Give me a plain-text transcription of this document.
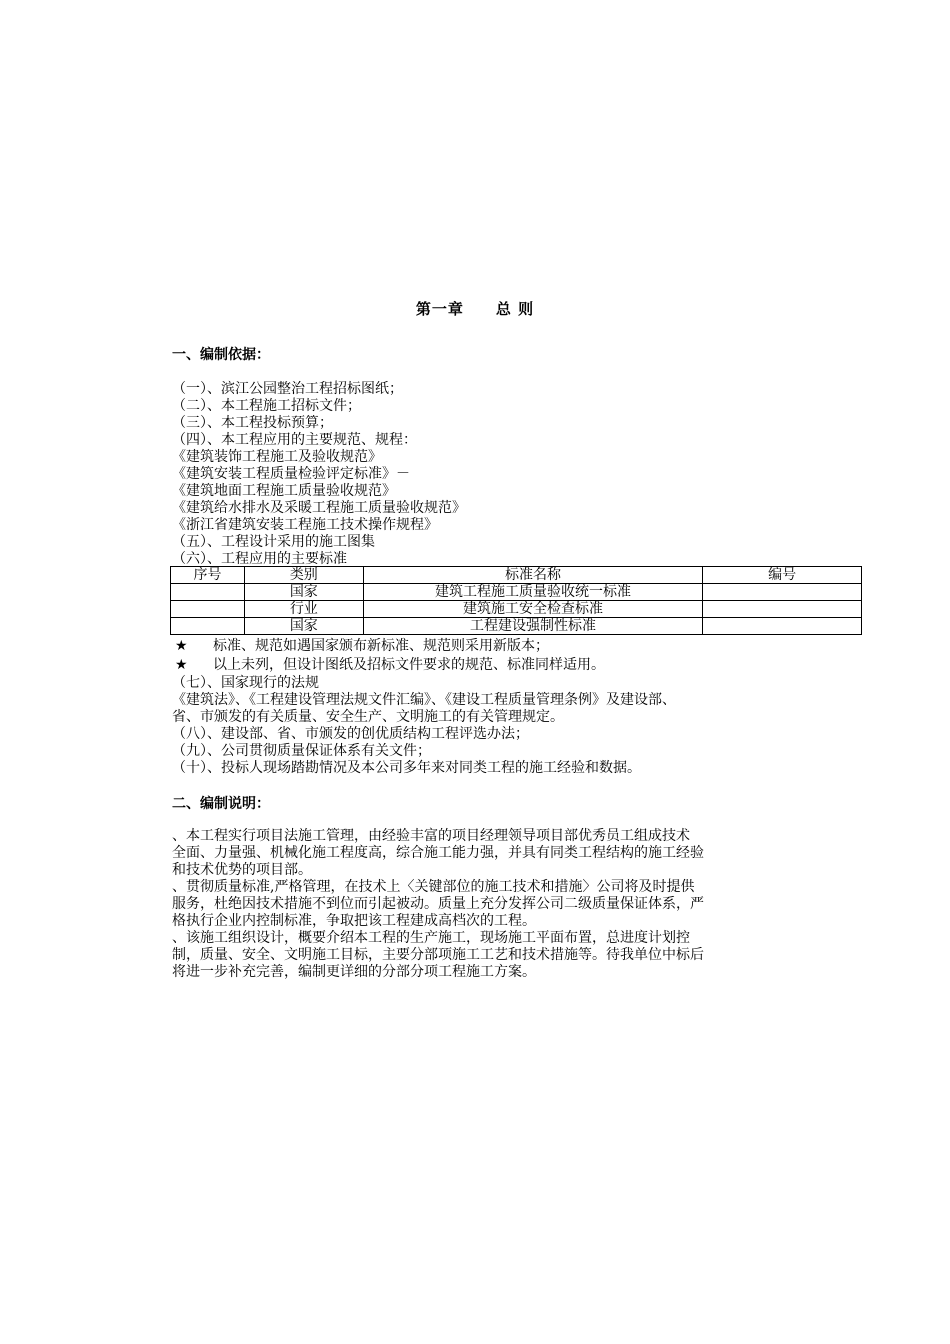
第一章　　总 则
一、编制依据：
（一）、滨江公园整治工程招标图纸；
（二）、本工程施工招标文件；
（三）、本工程投标预算；
（四）、本工程应用的主要规范、规程：
《建筑装饰工程施工及验收规范》
《建筑安装工程质量检验评定标准》－
《建筑地面工程施工质量验收规范》
《建筑给水排水及采暖工程施工质量验收规范》
《浙江省建筑安装工程施工技术操作规程》
（五）、工程设计采用的施工图集
（六）、工程应用的主要标准
序号	类别	标准名称	编号
	国家	建筑工程施工质量验收统一标准	
	行业	建筑施工安全检查标准	
	国家	工程建设强制性标准	
★ 标准、规范如遇国家颁布新标准、规范则采用新版本；
★ 以上未列，但设计图纸及招标文件要求的规范、标准同样适用。
（七）、国家现行的法规
《建筑法》、《工程建设管理法规文件汇编》、《建设工程质量管理条例》及建设部、
省、市颁发的有关质量、安全生产、文明施工的有关管理规定。
（八）、建设部、省、市颁发的创优质结构工程评选办法；
（九）、公司贯彻质量保证体系有关文件；
（十）、投标人现场踏勘情况及本公司多年来对同类工程的施工经验和数据。
二、编制说明：
、本工程实行项目法施工管理，由经验丰富的项目经理领导项目部优秀员工组成技术
全面、力量强、机械化施工程度高，综合施工能力强，并具有同类工程结构的施工经验
和技术优势的项目部。
、贯彻质量标准,严格管理，在技术上〈关键部位的施工技术和措施〉公司将及时提供
服务，杜绝因技术措施不到位而引起被动。质量上充分发挥公司二级质量保证体系，严
格执行企业内控制标准，争取把该工程建成高档次的工程。
、该施工组织设计，概要介绍本工程的生产施工，现场施工平面布置，总进度计划控
制，质量、安全、文明施工目标，主要分部项施工工艺和技术措施等。待我单位中标后
将进一步补充完善，编制更详细的分部分项工程施工方案。
